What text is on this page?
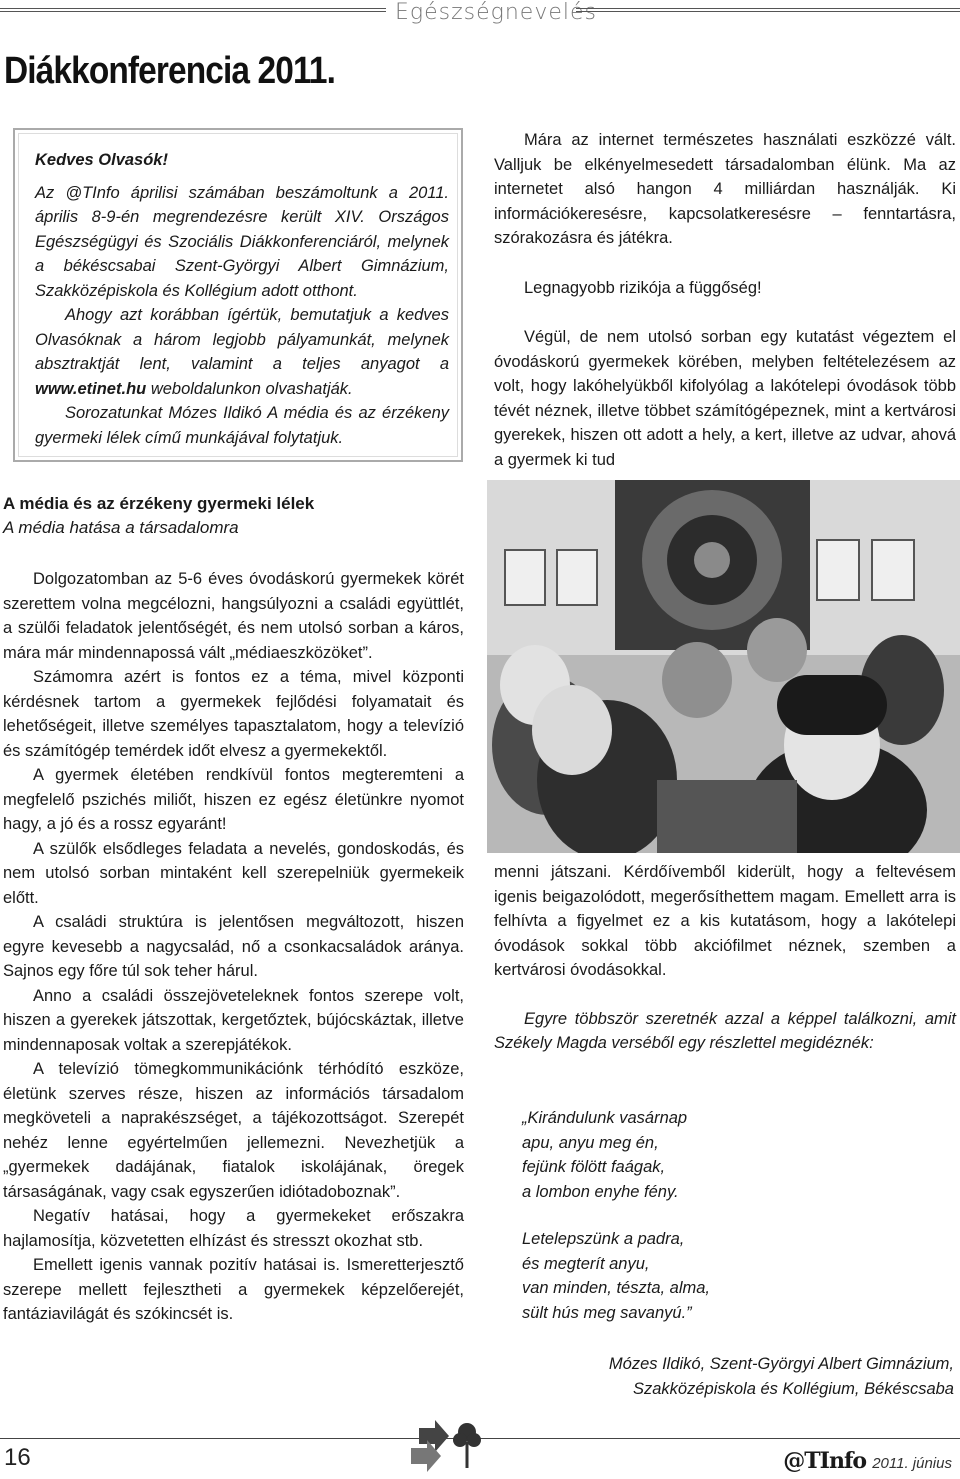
Egészségnevelés
Diákkonferencia 2011.

Kedves Olvasók!

Az @TInfo áprilisi számában beszámoltunk a 2011. április 8-9-én megrendezésre került XIV. Országos Egészségügyi és Szociális Diákkonferenciáról, melynek a békéscsabai Szent-Györgyi Albert Gimnázium, Szakközépiskola és Kollégium adott otthont.

Ahogy azt korábban ígértük, bemutatjuk a kedves Olvasóknak a három legjobb pályamunkát, melynek absztraktját lent, valamint a teljes anyagot a www.etinet.hu weboldalunkon olvashatják.

Sorozatunkat Mózes Ildikó A média és az érzékeny gyermeki lélek című munkájával folytatjuk.

Mára az internet természetes használati eszközzé vált. Valljuk be elkényelmesedett társadalomban élünk. Ma az internetet alsó hangon 4 milliárdan használják. Ki információkeresésre, kapcsolatkeresésre – fenntartásra, szórakozásra és játékra.

Legnagyobb rizikója a függőség!

Végül, de nem utolsó sorban egy kutatást végeztem el óvodáskorú gyermekek körében, melyben feltételezésem az volt, hogy lakóhelyükből kifolyólag a lakótelepi óvodások több tévét néznek, illetve többet számítógépeznek, mint a kertvárosi gyerekek, hiszen ott adott a hely, a kert, illetve az udvar, ahová a gyermek ki tud

A média és az érzékeny gyermeki lélek
A média hatása a társadalomra

Dolgozatomban az 5-6 éves óvodáskorú gyermekek körét szerettem volna megcélozni, hangsúlyozni a családi együttlét, a szülői feladatok jelentőségét, és nem utolsó sorban a káros, mára már mindennapossá vált „médiaeszközöket”.

Számomra azért is fontos ez a téma, mivel központi kérdésnek tartom a gyermekek fejlődési folyamatait és lehetőségeit, illetve személyes tapasztalatom, hogy a televízió és számítógép temérdek időt elvesz a gyermekektől.

A gyermek életében rendkívül fontos megteremteni a megfelelő pszichés miliőt, hiszen ez egész életünkre nyomot hagy, a jó és a rossz egyaránt!

A szülők elsődleges feladata a nevelés, gondoskodás, és nem utolsó sorban mintaként kell szerepelniük gyermekeik előtt.

A családi struktúra is jelentősen megváltozott, hiszen egyre kevesebb a nagycsalád, nő a csonkacsaládok aránya. Sajnos egy főre túl sok teher hárul.

Anno a családi összejöveteleknek fontos szerepe volt, hiszen a gyerekek játszottak, kergetőztek, bújócskáztak, illetve mindennaposak voltak a szerepjátékok.

A televízió tömegkommunikációnk térhódító eszköze, életünk szerves része, hiszen az információs társadalom megköveteli a naprakészséget, a tájékozottságot. Szerepét nehéz lenne egyértelműen jellemezni. Nevezhetjük a „gyermekek dadájának, fiatalok iskolájának, öregek társaságának, vagy csak egyszerűen idiótadoboznak”.

Negatív hatásai, hogy a gyermekeket erőszakra hajlamosítja, közvetetten elhízást és stresszt okozhat stb.

Emellett igenis vannak pozitív hatásai is. Ismeretterjesztő szerepe mellett fejlesztheti a gyermekek képzelőerejét, fantáziavilágát és szókincsét is.

menni játszani. Kérdőívemből kiderült, hogy a feltevésem igenis beigazolódott, megerősíthettem magam. Emellett arra is felhívta a figyelmet ez a kis kutatásom, hogy a lakótelepi óvodások sokkal több akciófilmet néznek, szemben a kertvárosi óvodásokkal.

Egyre többször szeretnék azzal a képpel találkozni, amit Székely Magda verséből egy részlettel megidéznék:

„Kirándulunk vasárnap
apu, anyu meg én,
fejünk fölött faágak,
a lombon enyhe fény.

Letelepszünk a padra,
és megterít anyu,
van minden, tészta, alma,
sült hús meg savanyú.”

Mózes Ildikó, Szent-Györgyi Albert Gimnázium,
Szakközépiskola és Kollégium, Békéscsaba
16	@TInfo 2011. június
